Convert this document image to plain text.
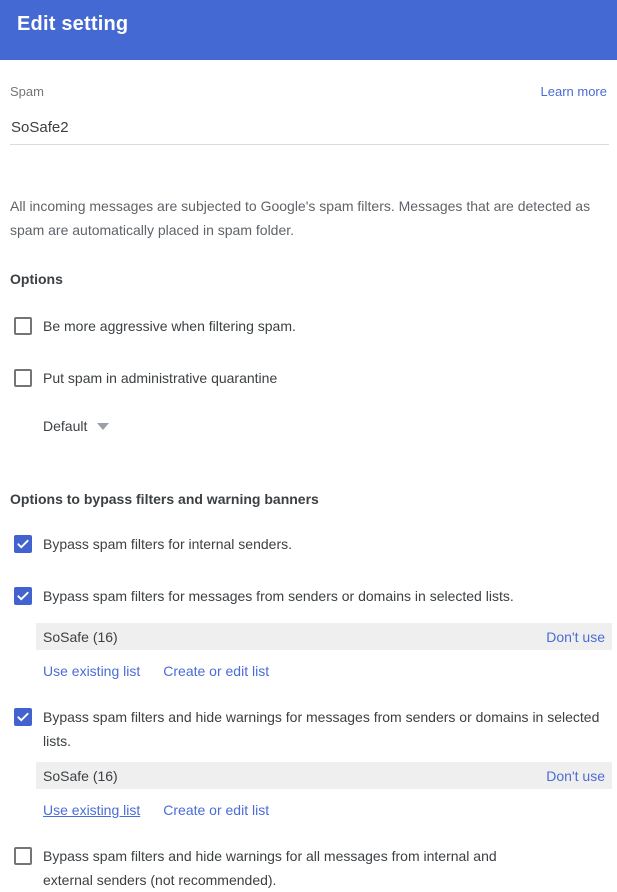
Edit setting
Spam	Learn more
SoSafe2

All incoming messages are subjected to Google's spam filters. Messages that are detected as spam are automatically placed in spam folder.

Options
Be more aggressive when filtering spam.
Put spam in administrative quarantine
Default
Options to bypass filters and warning banners
Bypass spam filters for internal senders.
Bypass spam filters for messages from senders or domains in selected lists.
SoSafe (16)	Don't use
Use existing list Create or edit list
Bypass spam filters and hide warnings for messages from senders or domains in selected lists.
SoSafe (16)	Don't use
Use existing list Create or edit list
Bypass spam filters and hide warnings for all messages from internal and external senders (not recommended).
